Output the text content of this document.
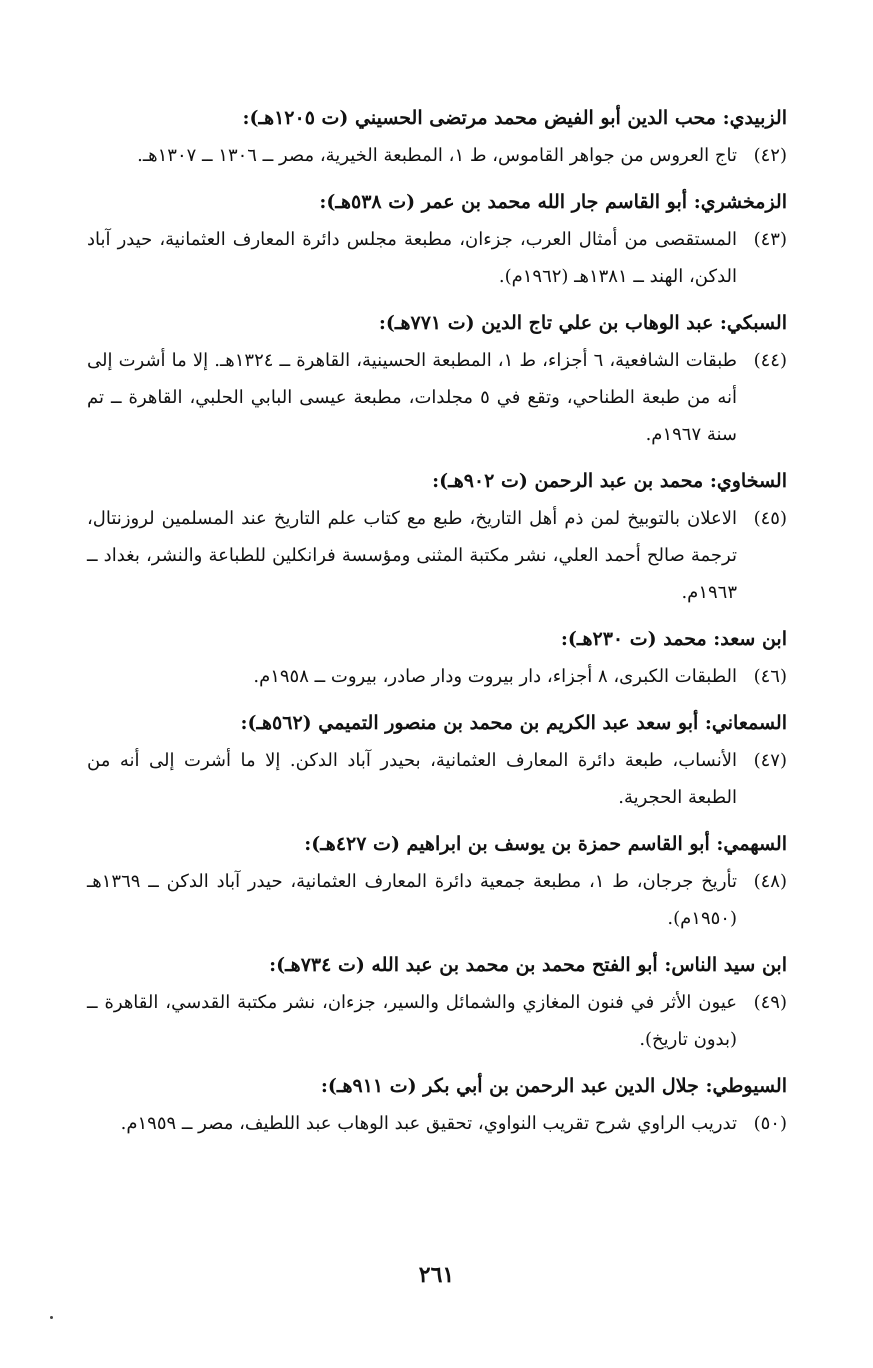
الزبيدي: محب الدين أبو الفيض محمد مرتضى الحسيني (ت ١٢٠٥هـ):
(٤٢)
تاج العروس من جواهر القاموس، ط ١، المطبعة الخيرية، مصر ــ ١٣٠٦ ــ ١٣٠٧هـ.
الزمخشري: أبو القاسم جار الله محمد بن عمر (ت ٥٣٨هـ):
(٤٣)
المستقصى من أمثال العرب، جزءان، مطبعة مجلس دائرة المعارف العثمانية، حيدر آباد الدكن، الهند ــ ١٣٨١هـ (١٩٦٢م).
السبكي: عبد الوهاب بن علي تاج الدين (ت ٧٧١هـ):
(٤٤)
طبقات الشافعية، ٦ أجزاء، ط ١، المطبعة الحسينية، القاهرة ــ ١٣٢٤هـ. إلا ما أشرت إلى أنه من طبعة الطناحي، وتقع في ٥ مجلدات، مطبعة عيسى البابي الحلبي، القاهرة ــ تم سنة ١٩٦٧م.
السخاوي: محمد بن عبد الرحمن (ت ٩٠٢هـ):
(٤٥)
الاعلان بالتوبيخ لمن ذم أهل التاريخ، طبع مع كتاب علم التاريخ عند المسلمين لروزنتال، ترجمة صالح أحمد العلي، نشر مكتبة المثنى ومؤسسة فرانكلين للطباعة والنشر، بغداد ــ ١٩٦٣م.
ابن سعد: محمد (ت ٢٣٠هـ):
(٤٦)
الطبقات الكبرى، ٨ أجزاء، دار بيروت ودار صادر، بيروت ــ ١٩٥٨م.
السمعاني: أبو سعد عبد الكريم بن محمد بن منصور التميمي (٥٦٢هـ):
(٤٧)
الأنساب، طبعة دائرة المعارف العثمانية، بحيدر آباد الدكن. إلا ما أشرت إلى أنه من الطبعة الحجرية.
السهمي: أبو القاسم حمزة بن يوسف بن ابراهيم (ت ٤٢٧هـ):
(٤٨)
تأريخ جرجان، ط ١، مطبعة جمعية دائرة المعارف العثمانية، حيدر آباد الدكن ــ ١٣٦٩هـ (١٩٥٠م).
ابن سيد الناس: أبو الفتح محمد بن محمد بن عبد الله (ت ٧٣٤هـ):
(٤٩)
عيون الأثر في فنون المغازي والشمائل والسير، جزءان، نشر مكتبة القدسي، القاهرة ــ (بدون تاريخ).
السيوطي: جلال الدين عبد الرحمن بن أبي بكر (ت ٩١١هـ):
(٥٠)
تدريب الراوي شرح تقريب النواوي، تحقيق عبد الوهاب عبد اللطيف، مصر ــ ١٩٥٩م.
٢٦١
